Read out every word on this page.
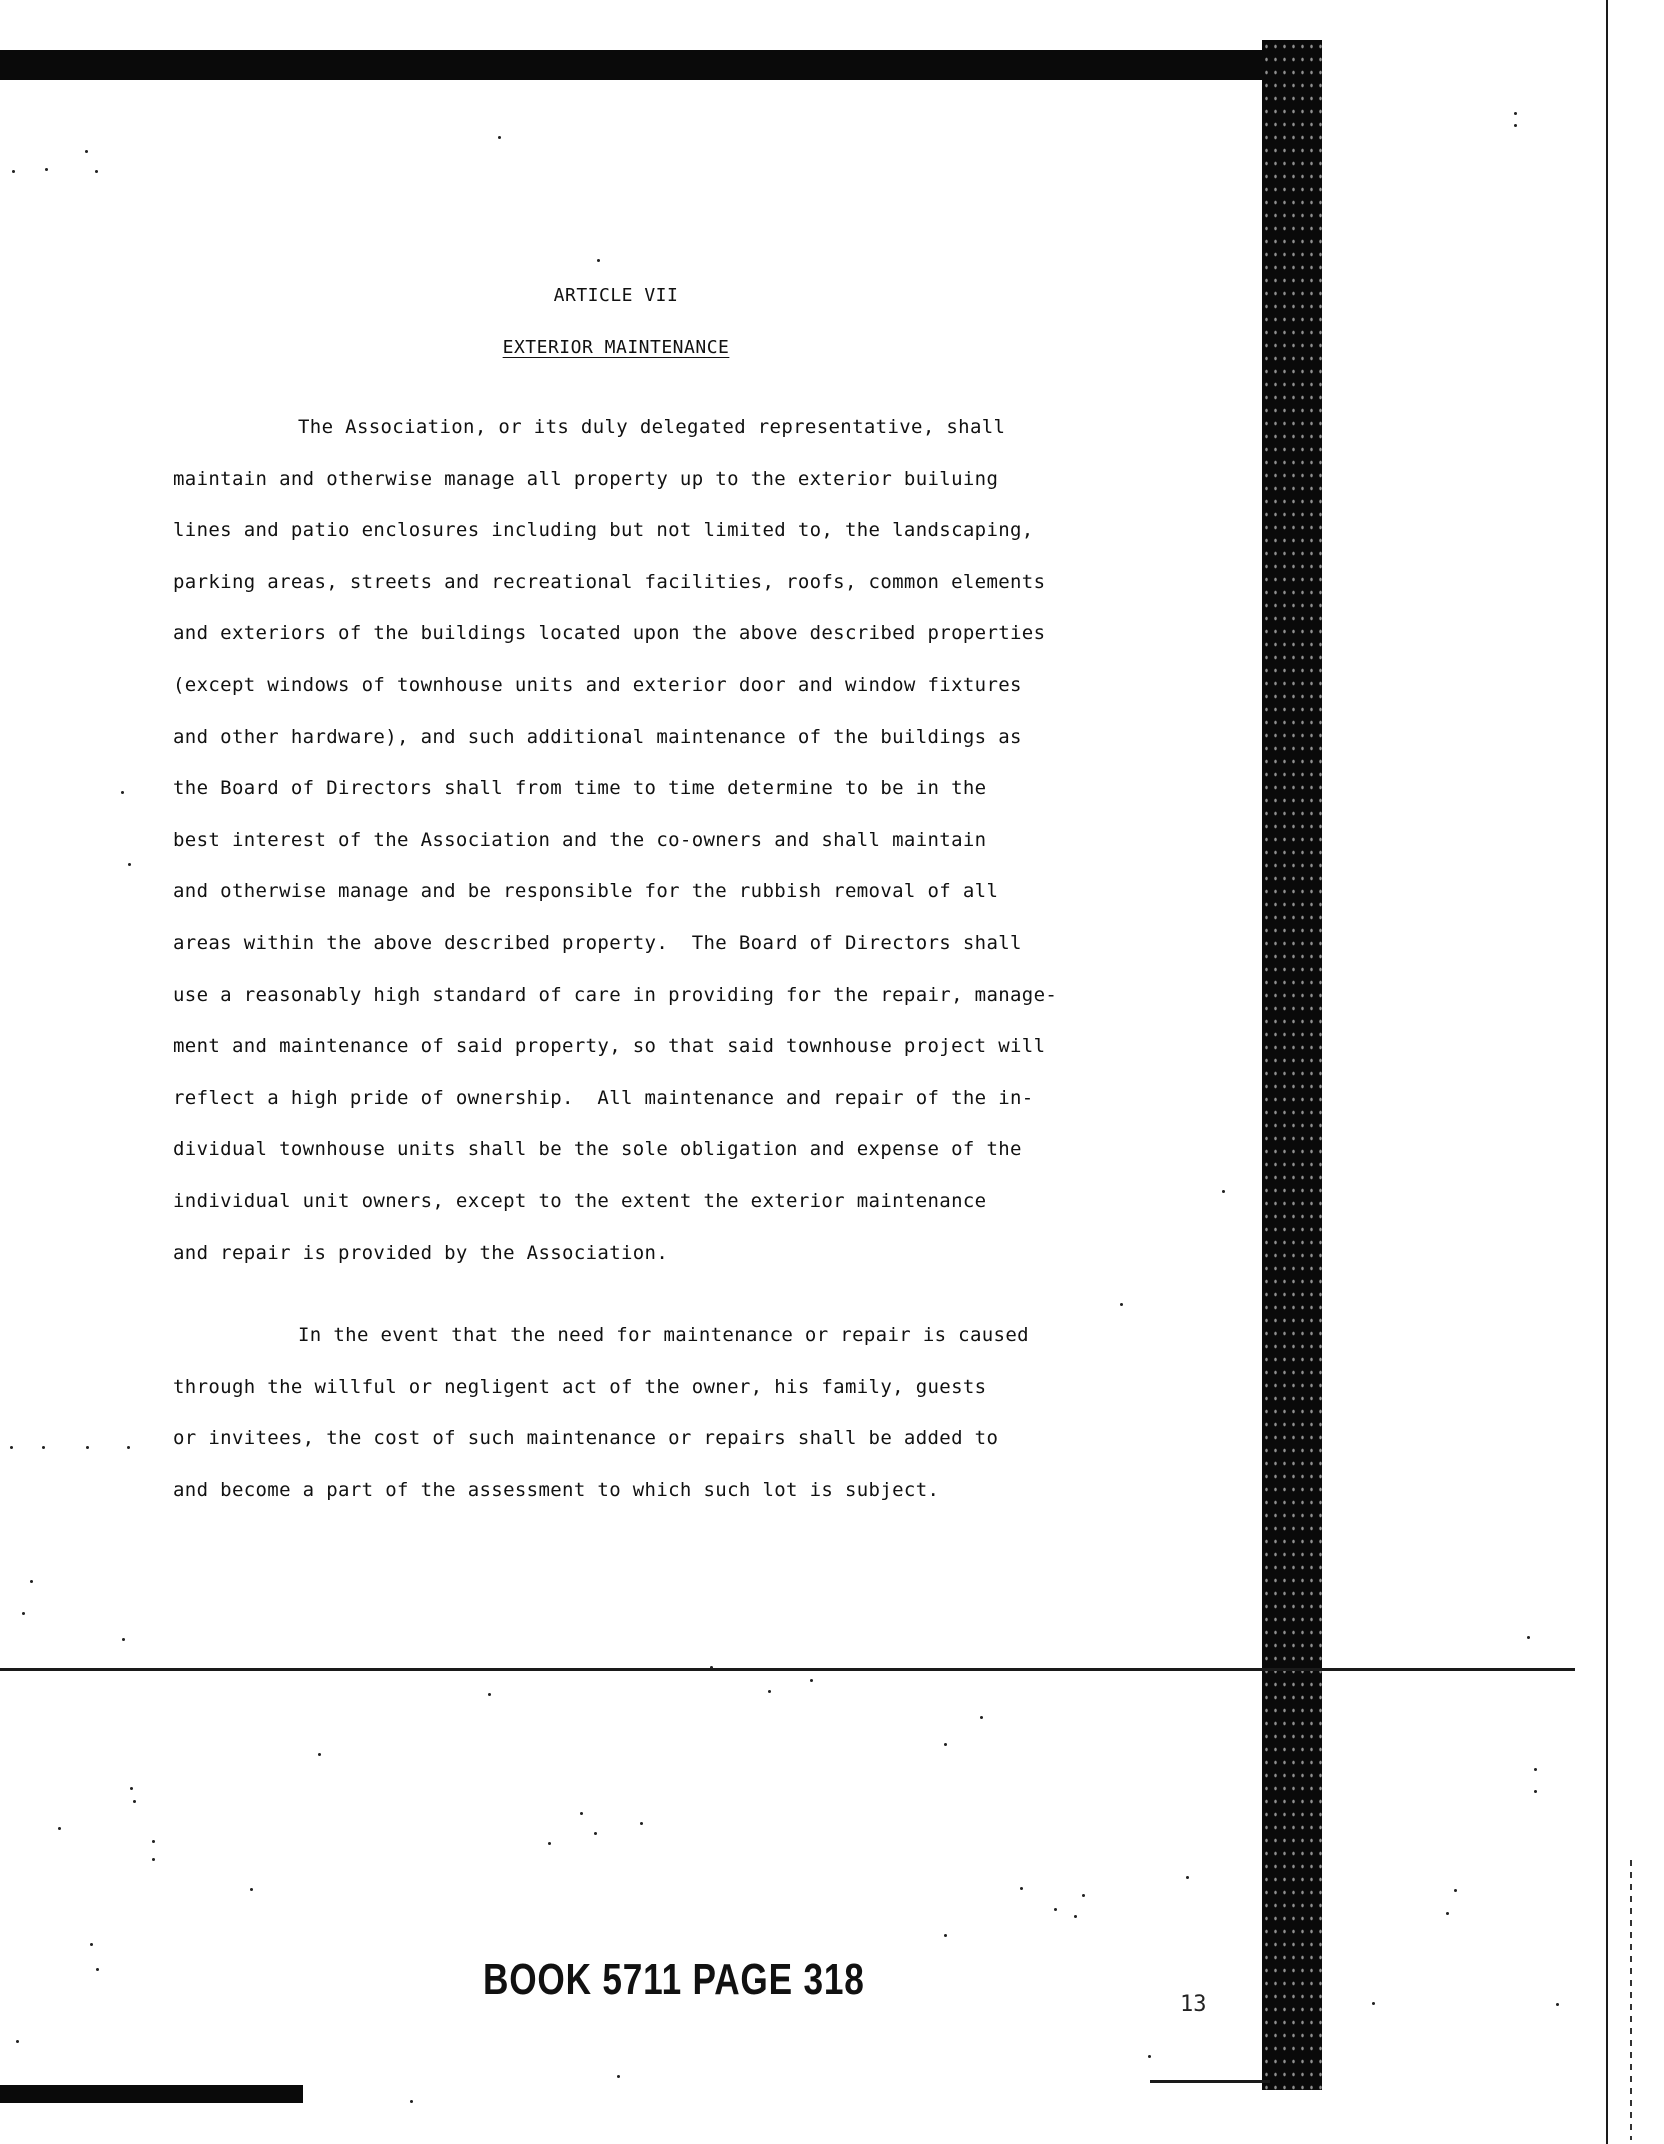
ARTICLE VII
EXTERIOR MAINTENANCE
The Association, or its duly delegated representative, shall
maintain and otherwise manage all property up to the exterior builuing
lines and patio enclosures including but not limited to, the landscaping,
parking areas, streets and recreational facilities, roofs, common elements
and exteriors of the buildings located upon the above described properties
(except windows of townhouse units and exterior door and window fixtures
and other hardware), and such additional maintenance of the buildings as
the Board of Directors shall from time to time determine to be in the
best interest of the Association and the co-owners and shall maintain
and otherwise manage and be responsible for the rubbish removal of all
areas within the above described property.  The Board of Directors shall
use a reasonably high standard of care in providing for the repair, manage-
ment and maintenance of said property, so that said townhouse project will
reflect a high pride of ownership.  All maintenance and repair of the in-
dividual townhouse units shall be the sole obligation and expense of the
individual unit owners, except to the extent the exterior maintenance
and repair is provided by the Association.
In the event that the need for maintenance or repair is caused
through the willful or negligent act of the owner, his family, guests
or invitees, the cost of such maintenance or repairs shall be added to
and become a part of the assessment to which such lot is subject.
BOOK 5711 PAGE 318
13
